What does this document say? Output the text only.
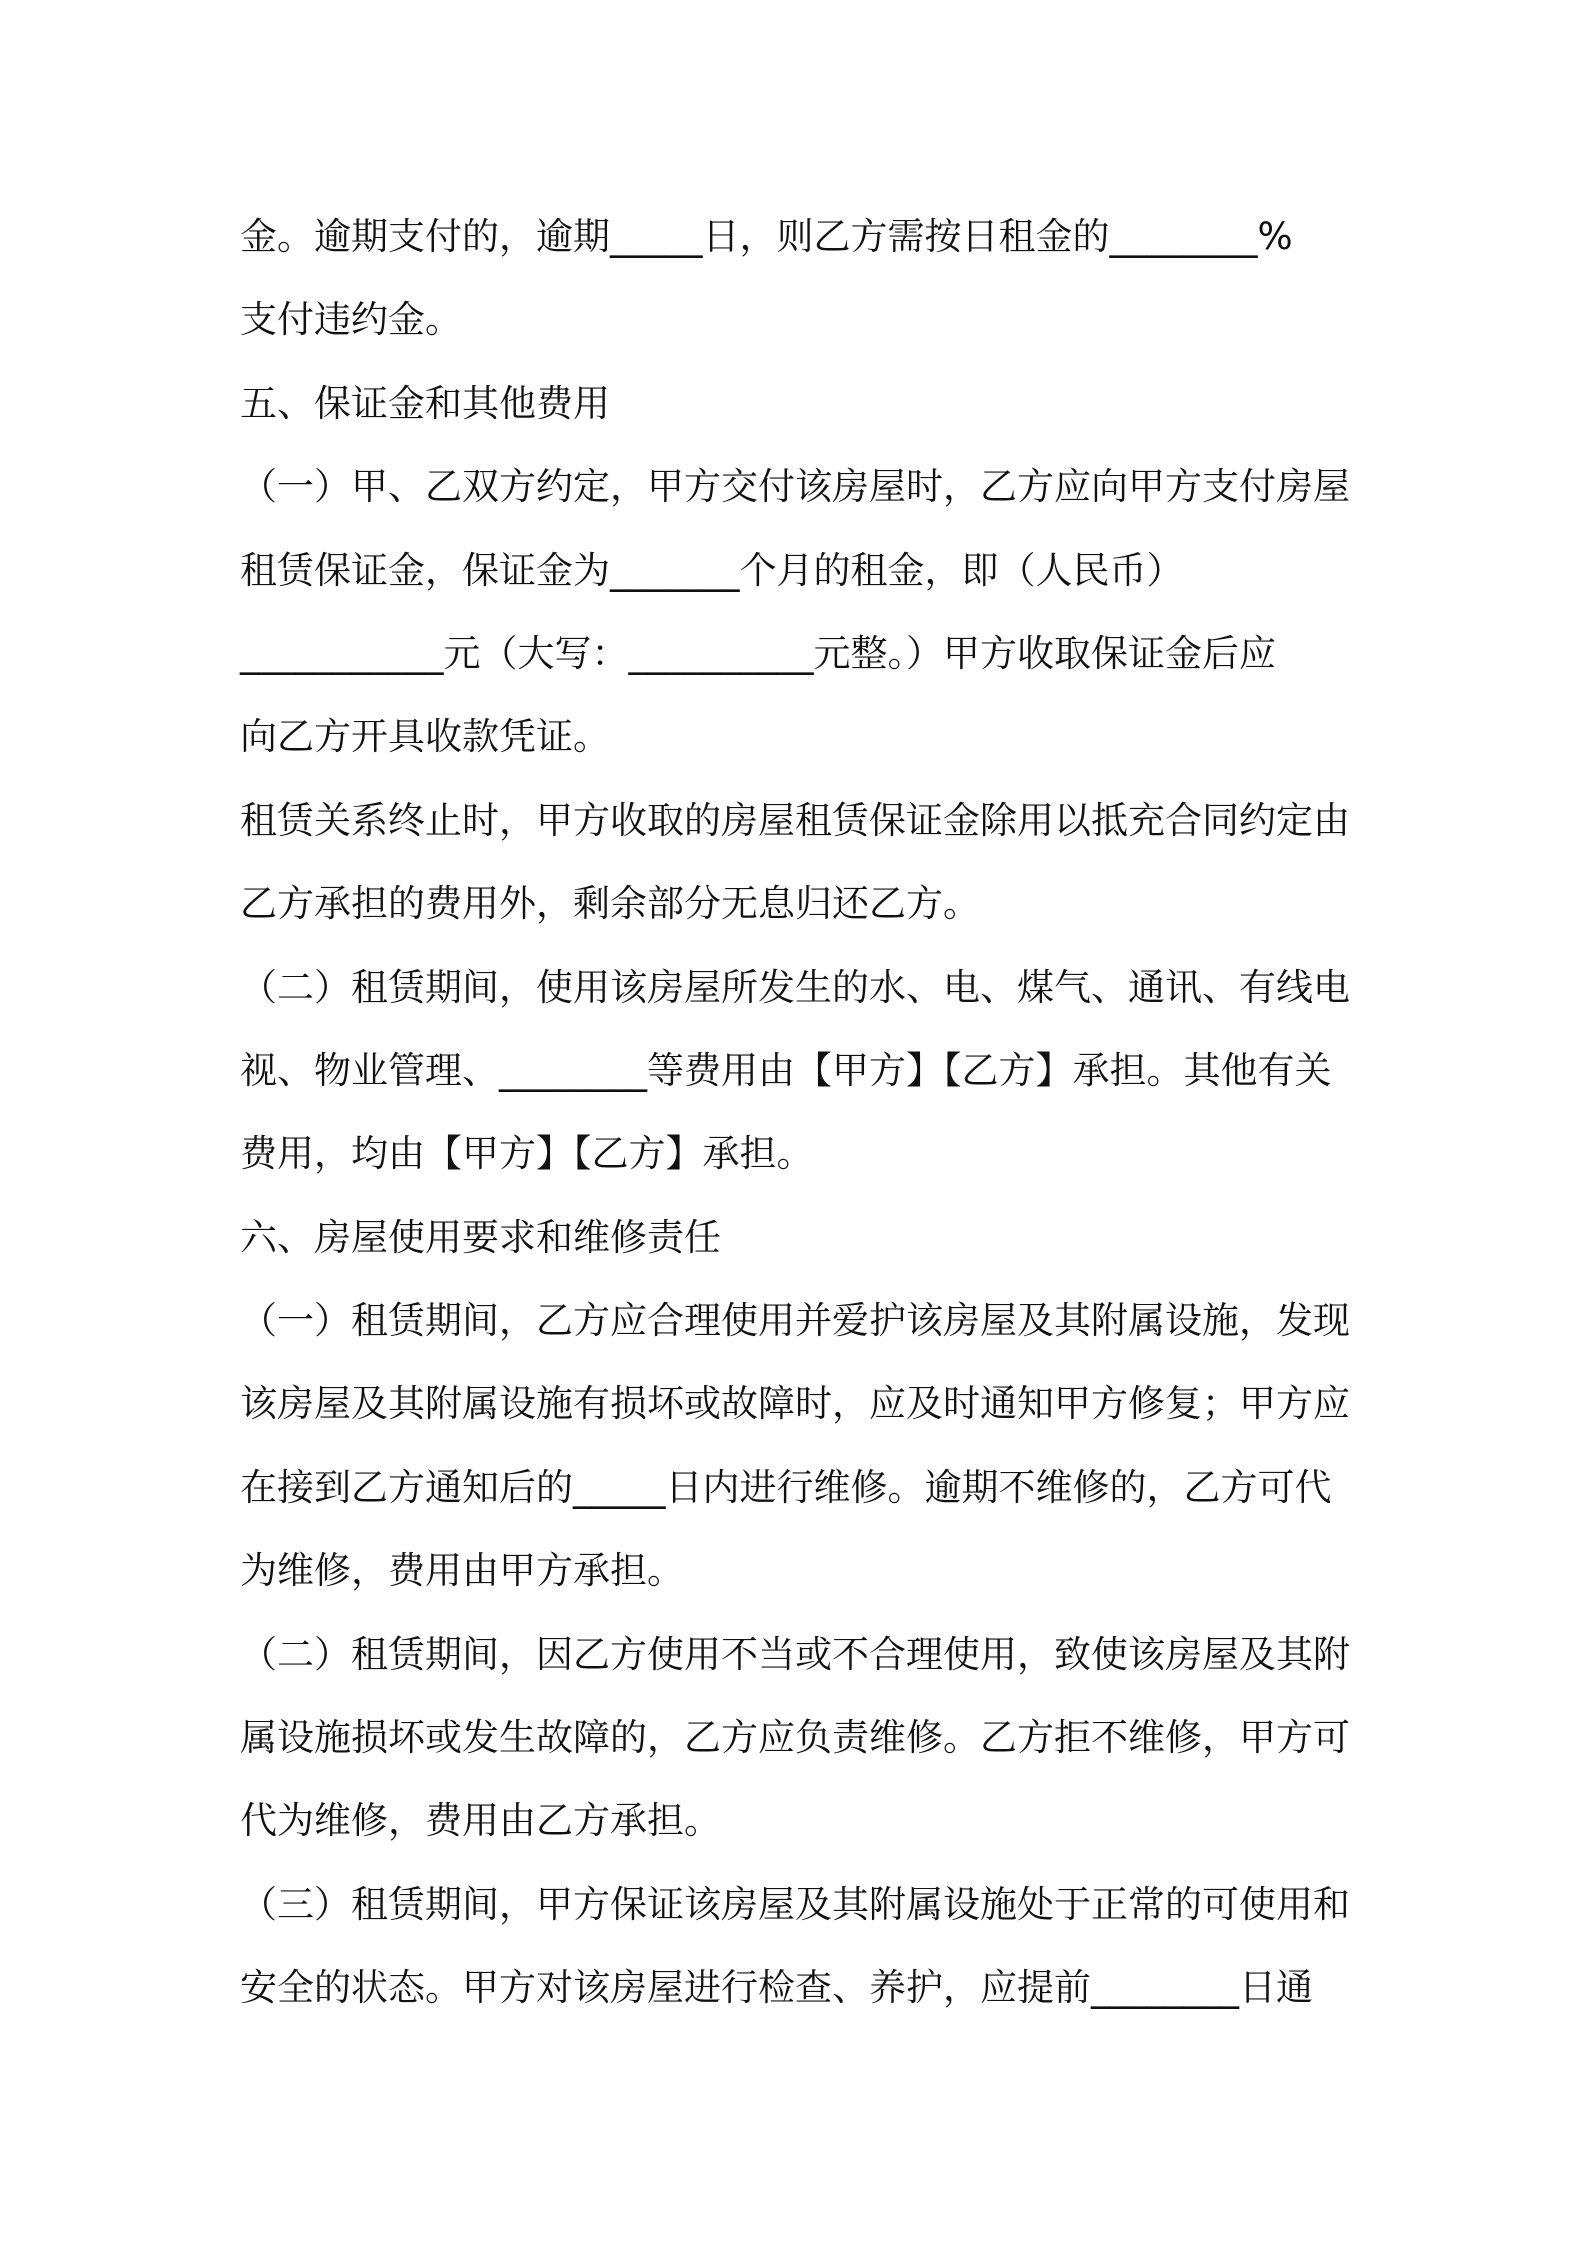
金。逾期支付的，逾期_____日，则乙方需按日租金的________%
支付违约金。
五、保证金和其他费用
（一）甲、乙双方约定，甲方交付该房屋时，乙方应向甲方支付房屋
租赁保证金，保证金为_______个月的租金，即（人民币）
___________元（大写：__________元整。）甲方收取保证金后应
向乙方开具收款凭证。
租赁关系终止时，甲方收取的房屋租赁保证金除用以抵充合同约定由
乙方承担的费用外，剩余部分无息归还乙方。
（二）租赁期间，使用该房屋所发生的水、电、煤气、通讯、有线电
视、物业管理、________等费用由【甲方】【乙方】承担。其他有关
费用，均由【甲方】【乙方】承担。
六、房屋使用要求和维修责任
（一）租赁期间，乙方应合理使用并爱护该房屋及其附属设施，发现
该房屋及其附属设施有损坏或故障时，应及时通知甲方修复；甲方应
在接到乙方通知后的_____日内进行维修。逾期不维修的，乙方可代
为维修，费用由甲方承担。
（二）租赁期间，因乙方使用不当或不合理使用，致使该房屋及其附
属设施损坏或发生故障的，乙方应负责维修。乙方拒不维修，甲方可
代为维修，费用由乙方承担。
（三）租赁期间，甲方保证该房屋及其附属设施处于正常的可使用和
安全的状态。甲方对该房屋进行检查、养护，应提前________日通
